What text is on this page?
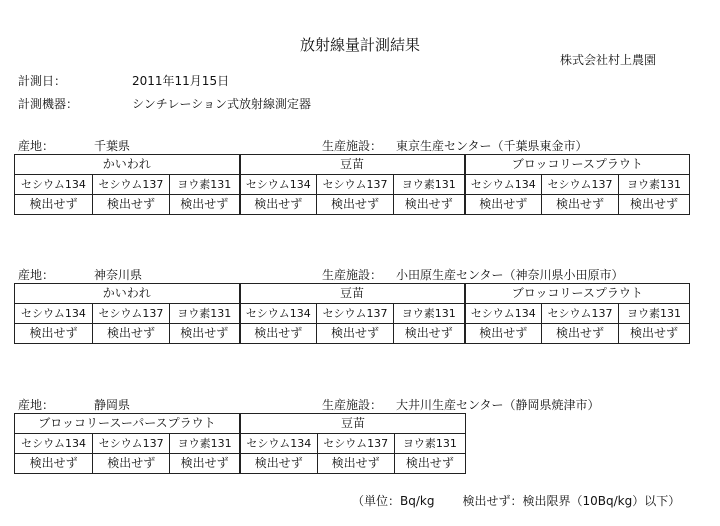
放射線量計測結果
株式会社村上農園
計測日：	2011年11月15日
計測機器：	シンチレーション式放射線測定器
産地：	千葉県	生産施設： 東京生産センター（千葉県東金市）
かいわれ			豆苗			ブロッコリースプラウト		
セシウム134	セシウム137	ヨウ素131	セシウム134	セシウム137	ヨウ素131	セシウム134	セシウム137	ヨウ素131
検出せず	検出せず	検出せず	検出せず	検出せず	検出せず	検出せず	検出せず	検出せず
産地：	神奈川県	生産施設： 小田原生産センター（神奈川県小田原市）
かいわれ			豆苗			ブロッコリースプラウト		
セシウム134	セシウム137	ヨウ素131	セシウム134	セシウム137	ヨウ素131	セシウム134	セシウム137	ヨウ素131
検出せず	検出せず	検出せず	検出せず	検出せず	検出せず	検出せず	検出せず	検出せず
産地：	静岡県	生産施設： 大井川生産センター（静岡県焼津市）
ブロッコリースーパースプラウト			豆苗		
セシウム134	セシウム137	ヨウ素131	セシウム134	セシウム137	ヨウ素131
検出せず	検出せず	検出せず	検出せず	検出せず	検出せず
（単位：Bq/kg 検出せず：検出限界（10Bq/kg）以下）
